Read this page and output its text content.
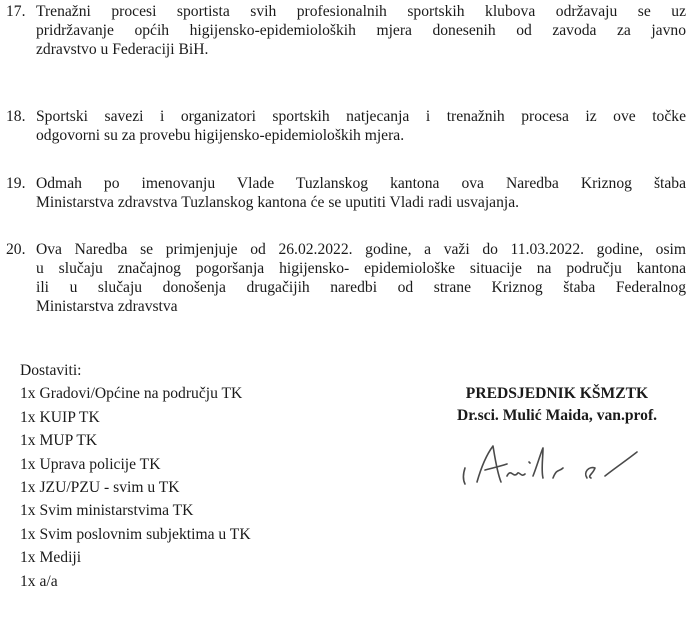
17. Trenažni procesi sportista svih profesionalnih sportskih klubova održavaju se uz
pridržavanje općih higijensko-epidemioloških mjera donesenih od zavoda za javno
zdravstvo u Federaciji BiH.
18. Sportski savezi i organizatori sportskih natjecanja i trenažnih procesa iz ove točke
odgovorni su za provebu higijensko-epidemioloških mjera.
19. Odmah po imenovanju Vlade Tuzlanskog kantona ova Naredba Kriznog štaba
Ministarstva zdravstva Tuzlanskog kantona će se uputiti Vladi radi usvajanja.
20. Ova Naredba se primjenjuje od 26.02.2022. godine, a važi do 11.03.2022. godine, osim
u slučaju značajnog pogoršanja higijensko- epidemiološke situacije na području kantona
ili u slučaju donošenja drugačijih naredbi od strane Kriznog štaba Federalnog
Ministarstva zdravstva
Dostaviti:
1x Gradovi/Općine na području TK
1x KUIP TK
1x MUP TK
1x Uprava policije TK
1x JZU/PZU - svim u TK
1x Svim ministarstvima TK
1x Svim poslovnim subjektima u TK
1x Mediji
1x a/a
PREDSJEDNIK KŠMZTK
Dr.sci. Mulić Maida, van.prof.
